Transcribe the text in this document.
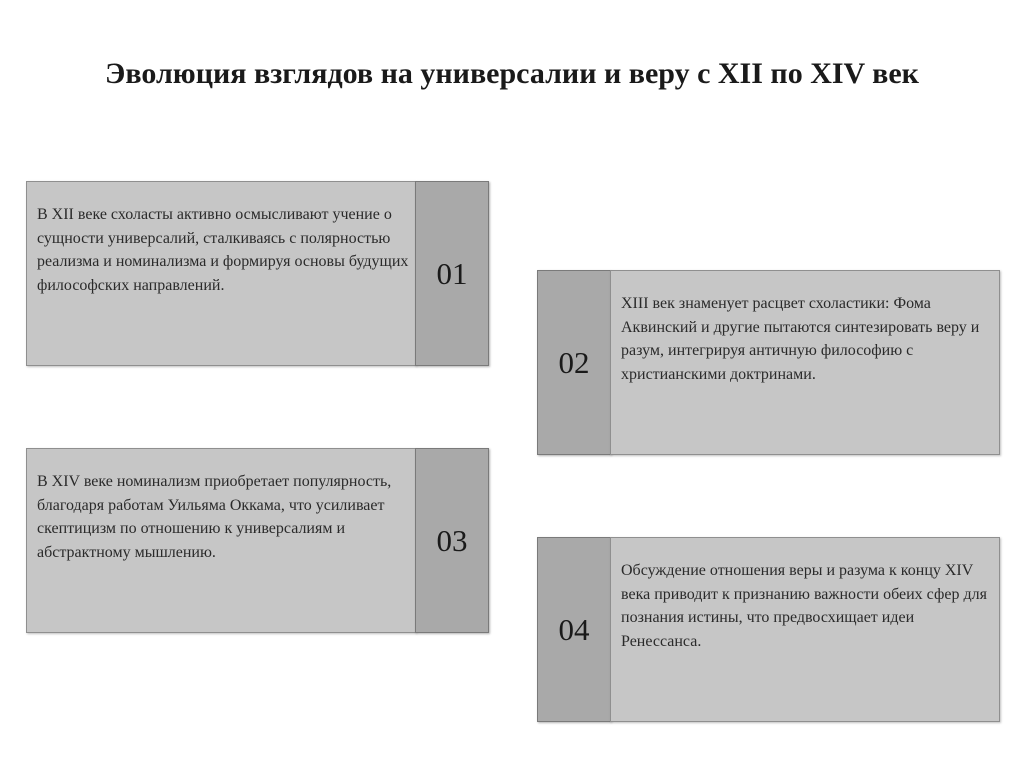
Эволюция взглядов на универсалии и веру с XII по XIV век
В XII веке схоласты активно осмысливают учение о сущности универсалий, сталкиваясь с полярностью реализма и номинализма и формируя основы будущих философских направлений.	01
02
XIII век знаменует расцвет схоластики: Фома Аквинский и другие пытаются синтезировать веру и разум, интегрируя античную философию с христианскими доктринами.
В XIV веке номинализм приобретает популярность, благодаря работам Уильяма Оккама, что усиливает скептицизм по отношению к универсалиям и абстрактному мышлению.	03
04
Обсуждение отношения веры и разума к концу XIV века приводит к признанию важности обеих сфер для познания истины, что предвосхищает идеи Ренессанса.
